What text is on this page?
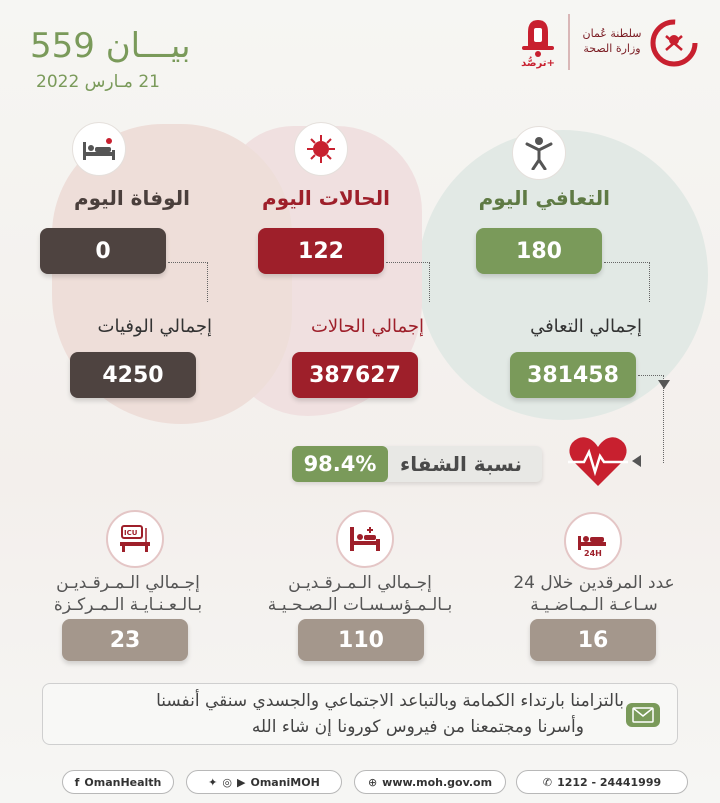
بيـــان 559
21 مـارس 2022
سلطنة عُمان وزارة الصحة
ترصُّد+
التعافي اليوم
180
إجمالي التعافي
381458
الحالات اليوم
122
إجمالي الحالات
387627
الوفاة اليوم
0
إجمالي الوفيات
4250
98.4%	نسبة الشفاء
24H
عدد المرقدين خلال 24
سـاعـة الـمـاضـيـة
16
إجـمالي الـمـرقـديـن
بـالـمـؤسـسـات الـصـحـيـة
110
ICU
إجـمالي الـمـرقـديـن
بـالـعـنـايـة الـمـركـزة
23
بالتزامنا بارتداء الكمامة وبالتباعد الاجتماعي والجسدي سنقي أنفسنا
وأسرنا ومجتمعنا من فيروس كورونا إن شاء الله
✆ 1212 - 24441999
⊕ www.moh.gov.om
✦ ◎ ▶ OmaniMOH
f OmanHealth
